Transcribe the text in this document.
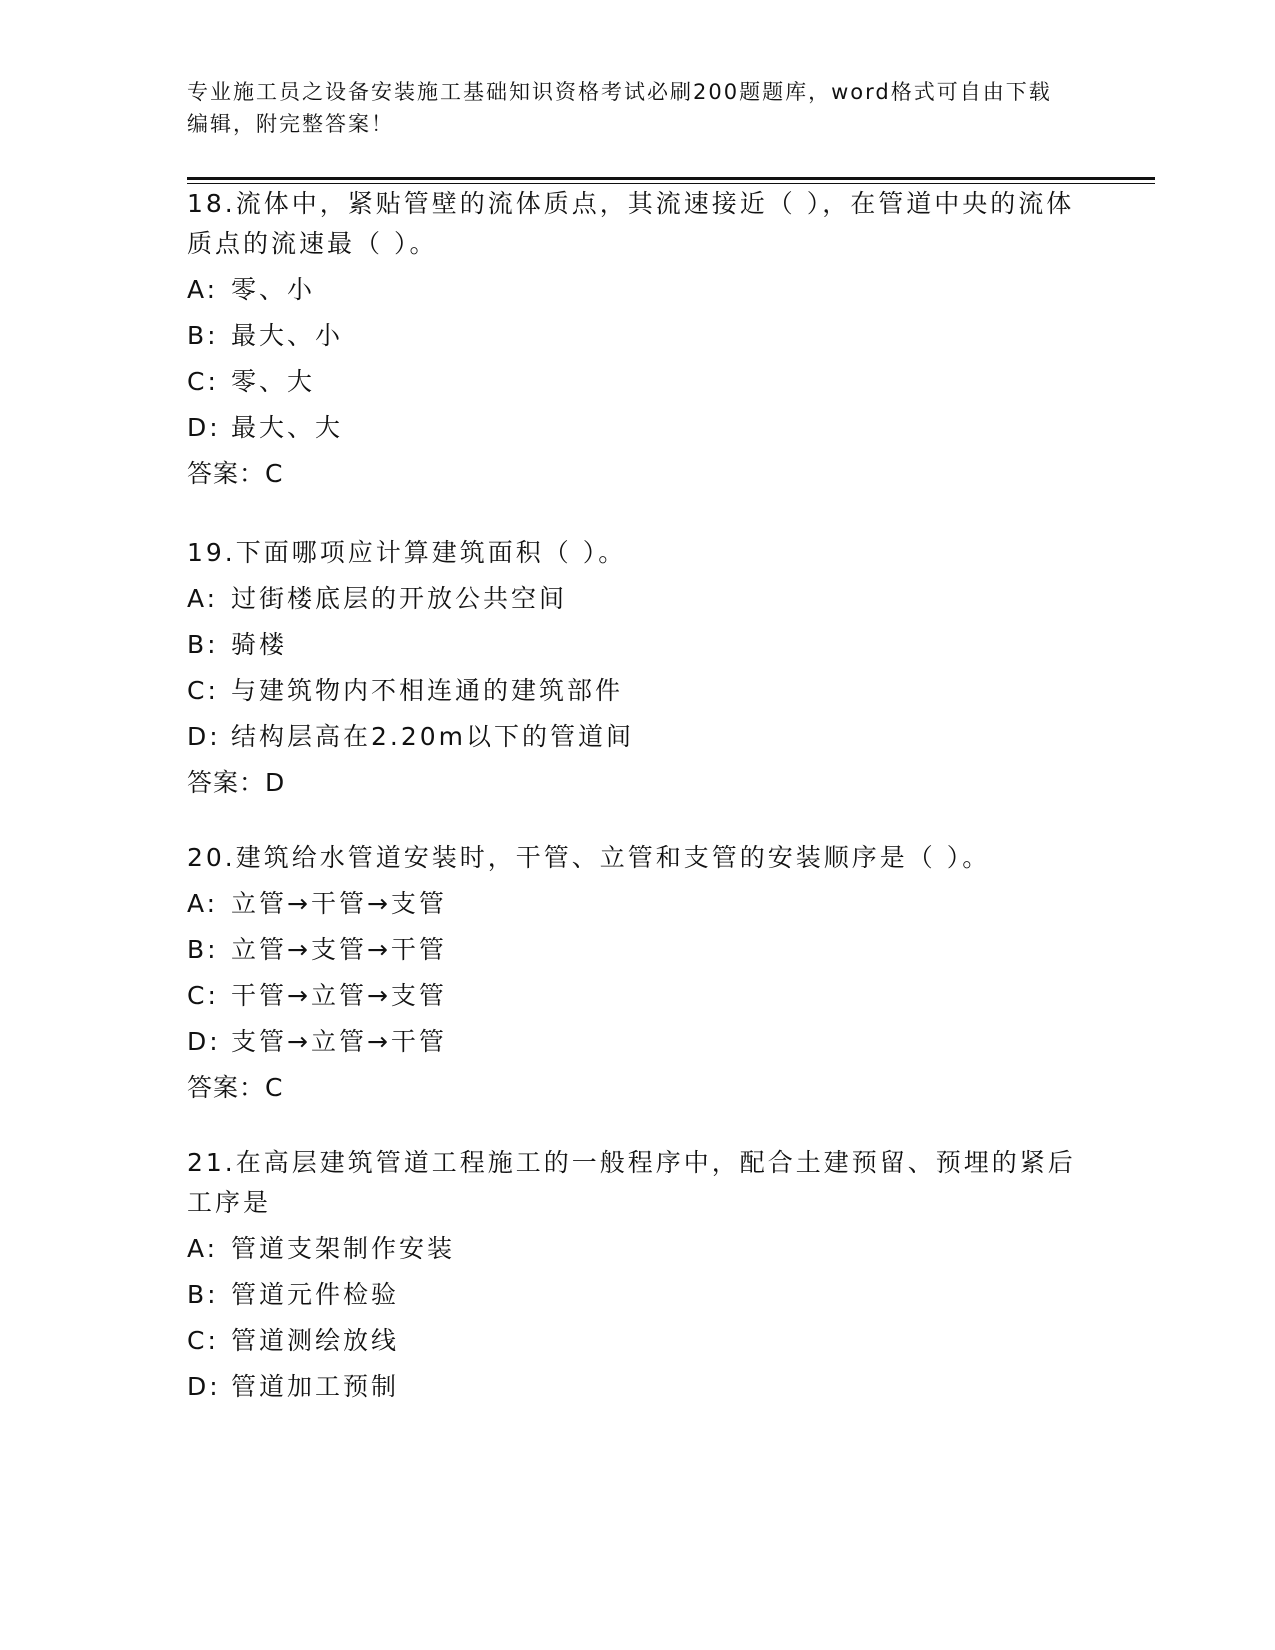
专业施工员之设备安装施工基础知识资格考试必刷200题题库，word格式可自由下载编辑，附完整答案！
18.流体中，紧贴管壁的流体质点，其流速接近（ ），在管道中央的流体质点的流速最（ ）。
A: 零、小
B: 最大、小
C: 零、大
D: 最大、大
答案：C
19.下面哪项应计算建筑面积（ ）。
A: 过街楼底层的开放公共空间
B: 骑楼
C: 与建筑物内不相连通的建筑部件
D: 结构层高在2.20m以下的管道间
答案：D
20.建筑给水管道安装时，干管、立管和支管的安装顺序是（ ）。
A: 立管→干管→支管
B: 立管→支管→干管
C: 干管→立管→支管
D: 支管→立管→干管
答案：C
21.在高层建筑管道工程施工的一般程序中，配合土建预留、预埋的紧后工序是
A: 管道支架制作安装
B: 管道元件检验
C: 管道测绘放线
D: 管道加工预制
